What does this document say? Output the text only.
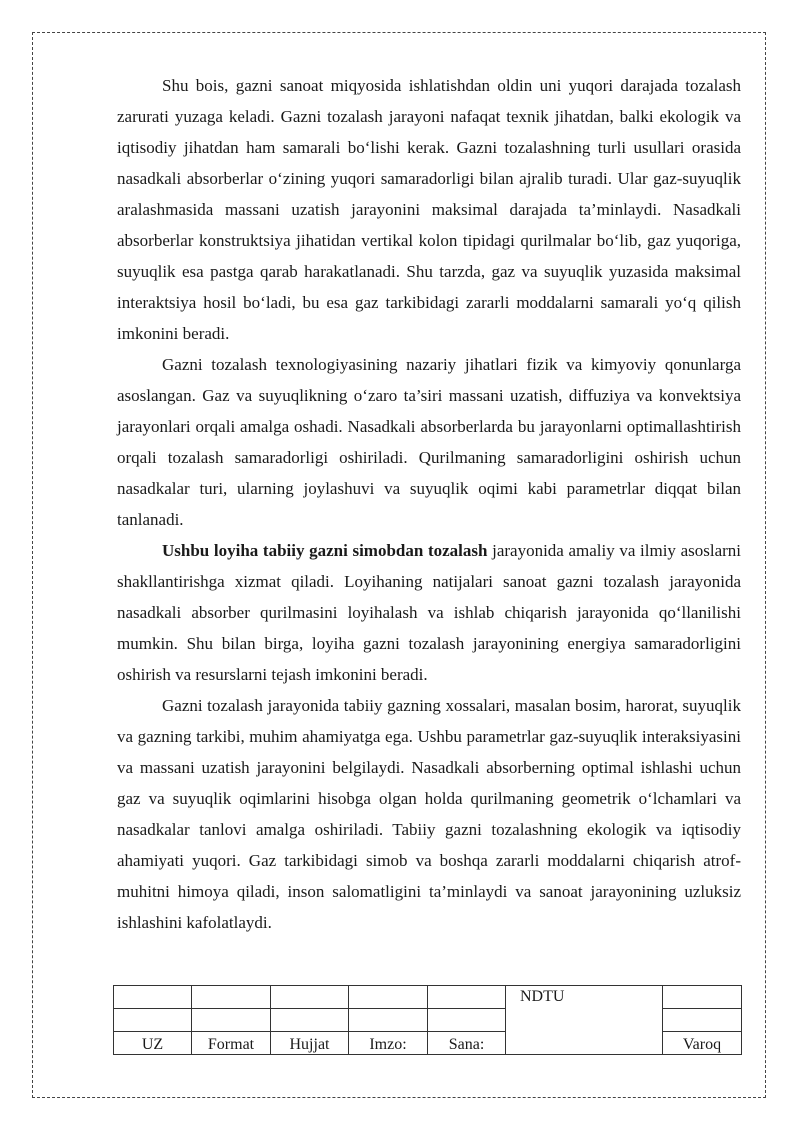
Shu bois, gazni sanoat miqyosida ishlatishdan oldin uni yuqori darajada tozalash zarurati yuzaga keladi. Gazni tozalash jarayoni nafaqat texnik jihatdan, balki ekologik va iqtisodiy jihatdan ham samarali bo‘lishi kerak. Gazni tozalashning turli usullari orasida nasadkali absorberlar o‘zining yuqori samaradorligi bilan ajralib turadi. Ular gaz-suyuqlik aralashmasida massani uzatish jarayonini maksimal darajada ta’minlaydi. Nasadkali absorberlar konstruktsiya jihatidan vertikal kolon tipidagi qurilmalar bo‘lib, gaz yuqoriga, suyuqlik esa pastga qarab harakatlanadi. Shu tarzda, gaz va suyuqlik yuzasida maksimal interaktsiya hosil bo‘ladi, bu esa gaz tarkibidagi zararli moddalarni samarali yo‘q qilish imkonini beradi.

Gazni tozalash texnologiyasining nazariy jihatlari fizik va kimyoviy qonunlarga asoslangan. Gaz va suyuqlikning o‘zaro ta’siri massani uzatish, diffuziya va konvektsiya jarayonlari orqali amalga oshadi. Nasadkali absorberlarda bu jarayonlarni optimallashtirish orqali tozalash samaradorligi oshiriladi. Qurilmaning samaradorligini oshirish uchun nasadkalar turi, ularning joylashuvi va suyuqlik oqimi kabi parametrlar diqqat bilan tanlanadi.

Ushbu loyiha tabiiy gazni simobdan tozalash jarayonida amaliy va ilmiy asoslarni shakllantirishga xizmat qiladi. Loyihaning natijalari sanoat gazni tozalash jarayonida nasadkali absorber qurilmasini loyihalash va ishlab chiqarish jarayonida qo‘llanilishi mumkin. Shu bilan birga, loyiha gazni tozalash jarayonining energiya samaradorligini oshirish va resurslarni tejash imkonini beradi.

Gazni tozalash jarayonida tabiiy gazning xossalari, masalan bosim, harorat, suyuqlik va gazning tarkibi, muhim ahamiyatga ega. Ushbu parametrlar gaz-suyuqlik interaksiyasini va massani uzatish jarayonini belgilaydi. Nasadkali absorberning optimal ishlashi uchun gaz va suyuqlik oqimlarini hisobga olgan holda qurilmaning geometrik o‘lchamlari va nasadkalar tanlovi amalga oshiriladi. Tabiiy gazni tozalashning ekologik va iqtisodiy ahamiyati yuqori. Gaz tarkibidagi simob va boshqa zararli moddalarni chiqarish atrof-muhitni himoya qiladi, inson salomatligini ta’minlaydi va sanoat jarayonining uzluksiz ishlashini kafolatlaydi.

					NDTU	

UZ	Format	Hujjat	Imzo:	Sana:		Varoq
